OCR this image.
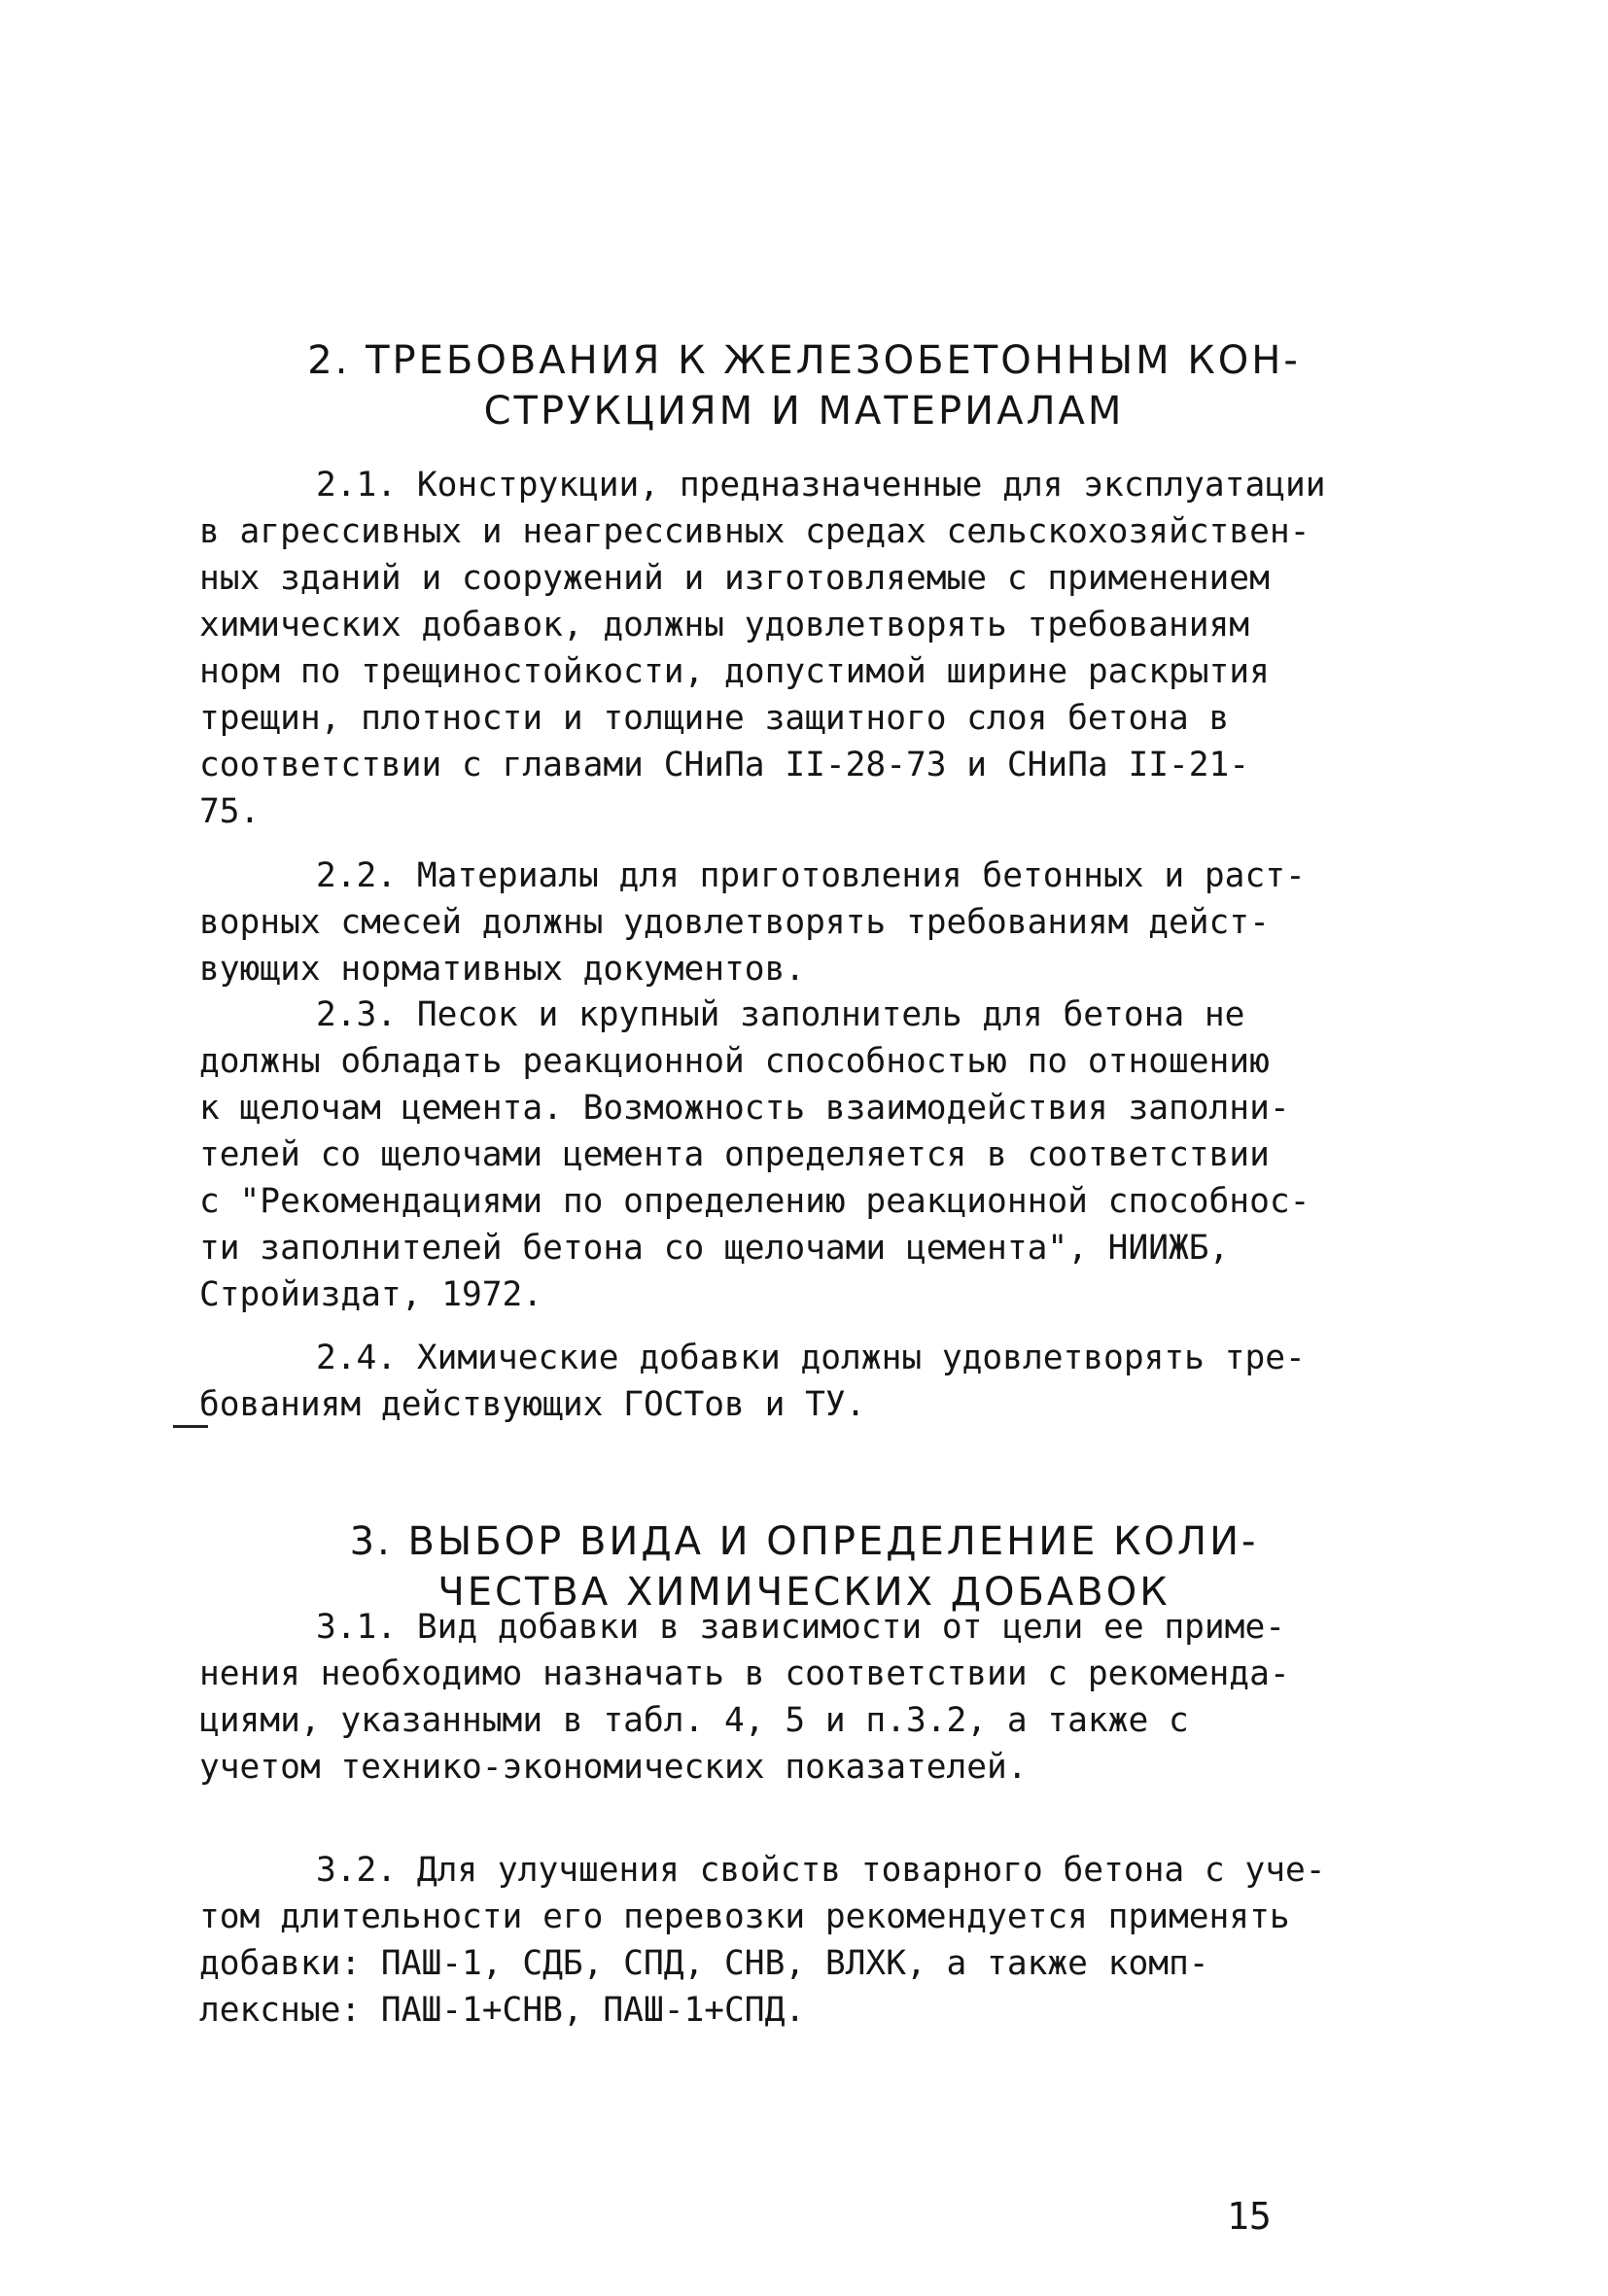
2. ТРЕБОВАНИЯ К ЖЕЛЕЗОБЕТОННЫМ КОН-
СТРУКЦИЯМ И МАТЕРИАЛАМ
2.1. Конструкции, предназначенные для эксплуатации
в агрессивных и неагрессивных средах сельскохозяйствен-
ных зданий и сооружений и изготовляемые с применением
химических добавок, должны удовлетворять требованиям
норм по трещиностойкости, допустимой ширине раскрытия
трещин, плотности и толщине защитного слоя бетона в
соответствии с главами СНиПа II-28-73 и СНиПа II-21-
75.
2.2. Материалы для приготовления бетонных и раст-
ворных смесей должны удовлетворять требованиям дейст-
вующих нормативных документов.
2.3. Песок и крупный заполнитель для бетона не
должны обладать реакционной способностью по отношению
к щелочам цемента. Возможность взаимодействия заполни-
телей со щелочами цемента определяется в соответствии
с "Рекомендациями по определению реакционной способнос-
ти заполнителей бетона со щелочами цемента", НИИЖБ,
Стройиздат, 1972.
2.4. Химические добавки должны удовлетворять тре-
бованиям действующих ГОСТов и ТУ.
3. ВЫБОР ВИДА И ОПРЕДЕЛЕНИЕ КОЛИ-
ЧЕСТВА ХИМИЧЕСКИХ ДОБАВОК
3.1. Вид добавки в зависимости от цели ее приме-
нения необходимо назначать в соответствии с рекоменда-
циями, указанными в табл. 4, 5 и п.3.2, а также с
учетом технико-экономических показателей.
3.2. Для улучшения свойств товарного бетона с уче-
том длительности его перевозки рекомендуется применять
добавки: ПАШ-1, СДБ, СПД, СНВ, ВЛХК, а также комп-
лексные: ПАШ-1+СНВ, ПАШ-1+СПД.
15
